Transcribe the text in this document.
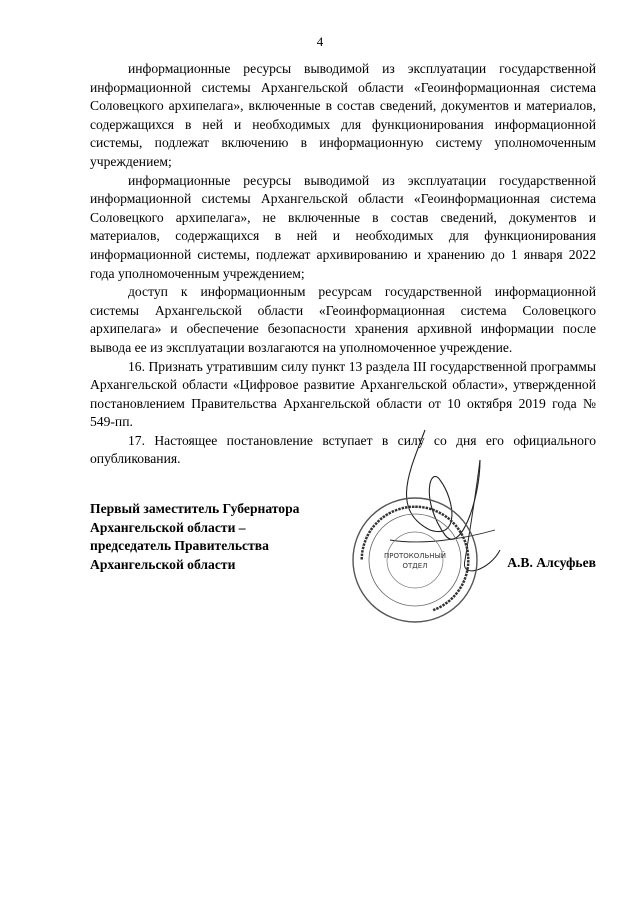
4

информационные ресурсы выводимой из эксплуатации государственной информационной системы Архангельской области «Геоинформационная система Соловецкого архипелага», включенные в состав сведений, документов и материалов, содержащихся в ней и необходимых для функционирования информационной системы, подлежат включению в информационную систему уполномоченным учреждением;

информационные ресурсы выводимой из эксплуатации государственной информационной системы Архангельской области «Геоинформационная система Соловецкого архипелага», не включенные в состав сведений, документов и материалов, содержащихся в ней и необходимых для функционирования информационной системы, подлежат архивированию и хранению до 1 января 2022 года уполномоченным учреждением;

доступ к информационным ресурсам государственной информационной системы Архангельской области «Геоинформационная система Соловецкого архипелага» и обеспечение безопасности хранения архивной информации после вывода ее из эксплуатации возлагаются на уполномоченное учреждение.

16. Признать утратившим силу пункт 13 раздела III государственной программы Архангельской области «Цифровое развитие Архангельской области», утвержденной постановлением Правительства Архангельской области от 10 октября 2019 года № 549-пп.

17. Настоящее постановление вступает в силу со дня его официального опубликования.

Первый заместитель Губернатора
Архангельской области –
председатель Правительства
Архангельской области	▪▪▪▪▪▪▪▪▪▪▪▪▪▪▪▪▪▪▪▪▪▪▪▪▪▪▪▪▪▪▪▪▪▪▪▪▪▪▪▪▪▪▪▪▪▪▪▪▪▪▪▪▪▪▪▪▪▪▪▪▪▪▪▪▪▪▪
ПРОТОКОЛЬНЫЙ
ОТДЕЛ	А.В. Алсуфьев
